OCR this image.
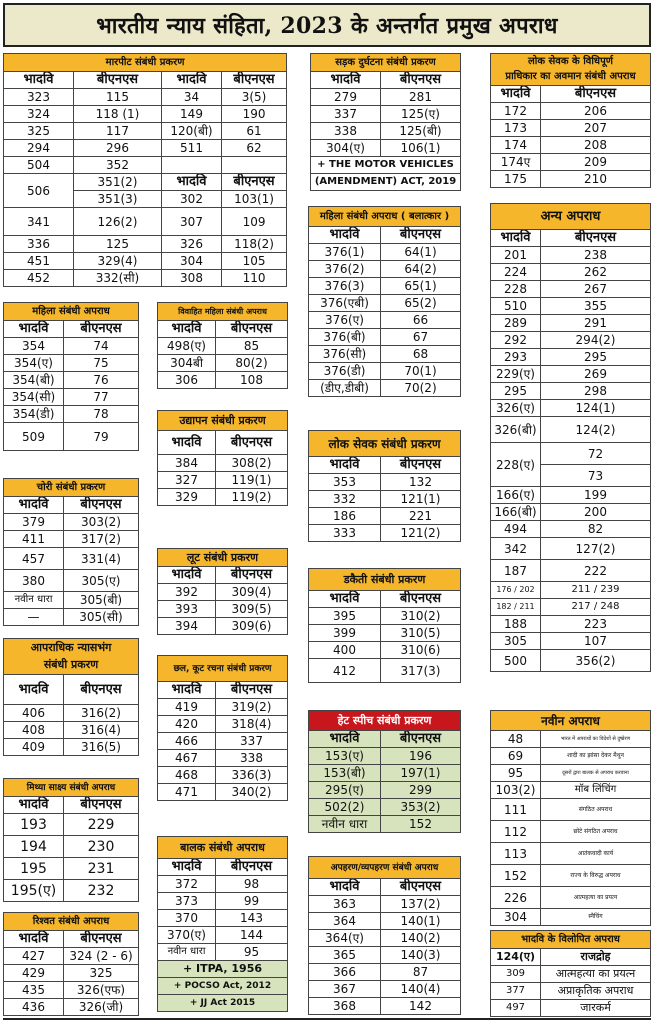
भारतीय न्याय संहिता, 2023 के अन्तर्गत प्रमुख अपराध
मारपीट संबंधी प्रकरण			
भादवि	बीएनएस	भादवि	बीएनएस
323	115	34	3(5)
324	118 (1)	149	190
325	117	120(बी)	61
294	296	511	62
504	352		
506	351(2)	भादवि	बीएनएस
	351(3)	302	103(1)
341	126(2)	307	109
336	125	326	118(2)
451	329(4)	304	105
452	332(सी)	308	110
सड़क दुर्घटना संबंधी प्रकरण	
भादवि	बीएनएस
279	281
337	125(ए)
338	125(बी)
304(ए)	106(1)
+ THE MOTOR VEHICLES	
(AMENDMENT) ACT, 2019	
लोक सेवक के विधिपूर्ण	
प्राधिकार का अवमान संबंधी अपराध	
भादवि	बीएनएस
172	206
173	207
174	208
174ए	209
175	210
महिला संबंधी अपराध ( बलात्कार )	
भादवि	बीएनएस
376(1)	64(1)
376(2)	64(2)
376(3)	65(1)
376(एबी)	65(2)
376(ए)	66
376(बी)	67
376(सी)	68
376(डी)	70(1)
(डीए,डीबी)	70(2)
अन्य अपराध	
भादवि	बीएनएस
201	238
224	262
228	267
510	355
289	291
292	294(2)
293	295
229(ए)	269
295	298
326(ए)	124(1)
326(बी)	124(2)
228(ए)	72
	73
166(ए)	199
166(बी)	200
494	82
342	127(2)
187	222
176 / 202	211 / 239
182 / 211	217 / 248
188	223
305	107
500	356(2)
महिला संबंधी अपराध	
भादवि	बीएनएस
354	74
354(ए)	75
354(बी)	76
354(सी)	77
354(डी)	78
509	79
विवाहित महिला संबंधी अपराध	
भादवि	बीएनएस
498(ए)	85
304बी	80(2)
306	108
उद्यापन संबंधी प्रकरण	
भादवि	बीएनएस
384	308(2)
327	119(1)
329	119(2)
लोक सेवक संबंधी प्रकरण	
भादवि	बीएनएस
353	132
332	121(1)
186	221
333	121(2)
चोरी संबंधी प्रकरण	
भादवि	बीएनएस
379	303(2)
411	317(2)
457	331(4)
380	305(ए)
नवीन धारा	305(बी)
—	305(सी)
लूट संबंधी प्रकरण	
भादवि	बीएनएस
392	309(4)
393	309(5)
394	309(6)
डकैती संबंधी प्रकरण	
भादवि	बीएनएस
395	310(2)
399	310(5)
400	310(6)
412	317(3)
आपराधिक न्यासभंग	
संबंधी प्रकरण	
भादवि	बीएनएस
406	316(2)
408	316(4)
409	316(5)
छल, कूट रचना संबंधी प्रकरण	
भादवि	बीएनएस
419	319(2)
420	318(4)
466	337
467	338
468	336(3)
471	340(2)
हेट स्पीच संबंधी प्रकरण	
भादवि	बीएनएस
153(ए)	196
153(बी)	197(1)
295(ए)	299
502(2)	353(2)
नवीन धारा	152
नवीन अपराध	
48	भारत में अपराधों का विदेशों से दुष्प्रेरण
69	शादी का झांसा देकर मैथुन
95	दूसरों द्वारा बालक से अपराध करवाना
103(2)	मॉब लिंचिंग
111	संगठित अपराध
112	छोटे संगठित अपराध
113	आतंकवादी कार्य
152	राज्य के विरुद्ध अपराध
226	आत्महत्या का प्रयत्न
304	स्नैचिंग
मिथ्या साक्ष्य संबंधी अपराध	
भादवि	बीएनएस
193	229
194	230
195	231
195(ए)	232
बालक संबंधी अपराध	
भादवि	बीएनएस
372	98
373	99
370	143
370(ए)	144
नवीन धारा	95
+ ITPA, 1956	
+ POCSO Act, 2012	
+ JJ Act 2015	
अपहरण/व्यपहरण संबंधी अपराध	
भादवि	बीएनएस
363	137(2)
364	140(1)
364(ए)	140(2)
365	140(3)
366	87
367	140(4)
368	142
रिश्वत संबंधी अपराध	
भादवि	बीएनएस
427	324 (2 - 6)
429	325
435	326(एफ)
436	326(जी)
भादवि के विलोपित अपराध	
124(ए)	राजद्रोह
309	आत्महत्या का प्रयत्न
377	अप्राकृतिक अपराध
497	जारकर्म
